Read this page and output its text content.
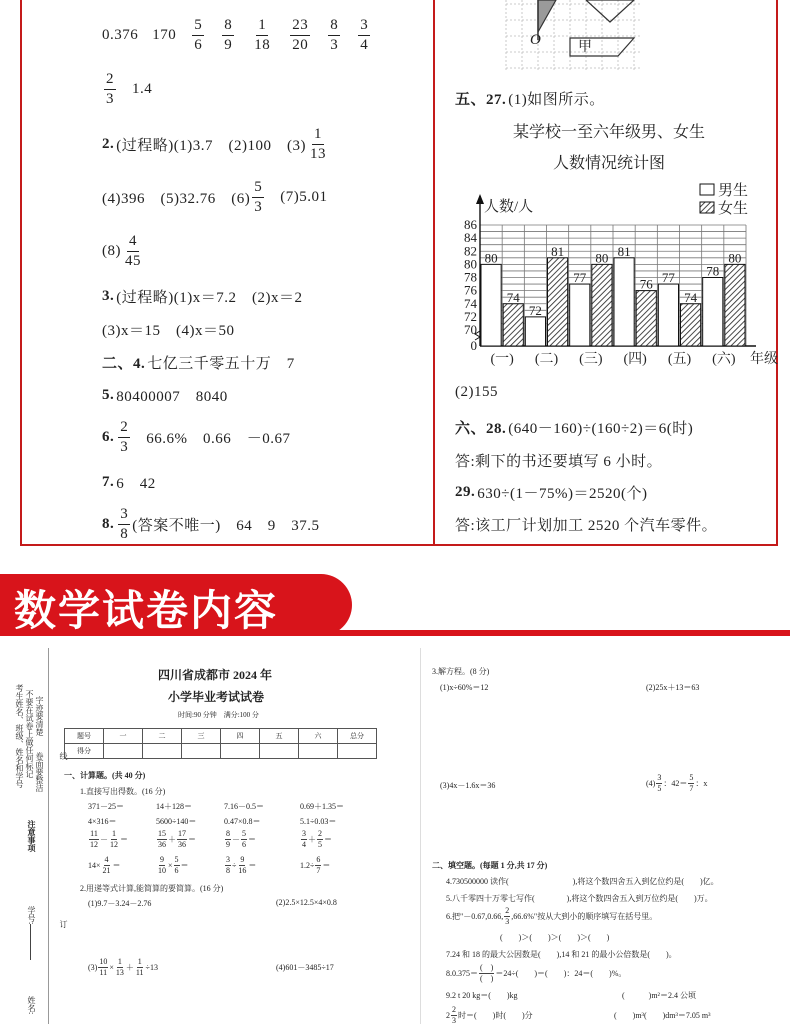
0.376 $170 \frac{5}{6} \frac{8}{9} \frac{1}{18} \frac{23}{20} \frac{8}{3} \frac{3}{4}$
$\frac{2}{3} 1.4$
2. (过程略)(1)3.7　(2)100　$(3) \frac{1}{13}$
(4)396　(5)32.76　$(6) \frac{5}{3} (7)5.01$
$(8) \frac{4}{45}$
3. (过程略)(1)x＝7.2　(2)x＝2
(3)x＝15　(4)x＝50
二、4. 七亿三千零五十万　7
5. 80400007　8040
6. $\frac{2}{3} 66.6\%$　0.66　－0.67
7. 6　42
8. $\frac{3}{8}$ (答案不唯一)　64　9　37.5
O	甲
五、27. (1)如图所示。
某学校一至六年级男、女生
人数情况统计图
86
84
82
80
78
76
74
72
70
0
人数/人
80
74
(一)
72
81
(二)
77
80
(三)
81
76
(四)
77
74
(五)
78
80
(六) 年级
男生
女生
(2)155
六、28. (640－160)÷(160÷2)＝6(时)
答:剩下的书还要填写 6 小时。
29. 630÷(1－75%)＝2520(个)
答:该工厂计划加工 2520 个汽车零件。
数学试卷内容
考生姓名、班级、姓名和学号 不要在试卷上做任何标记 字迹要清楚
卷面要整洁
注意事项
学号:
姓名:
订
线
四川省成都市 2024 年
小学毕业考试试卷
时间:90 分钟　满分:100 分
题号	一	二	三	四	五	六	总分
得分							
一、计算题。(共 40 分)
1.直接写出得数。(16 分)
371－25＝	14＋128＝	7.16－0.5＝	0.69＋1.35＝
4×316＝	5600÷140＝	0.47×0.8＝	5.1÷0.03＝
$\frac{11}{12} - \frac{1}{12}$ ＝	$\frac{15}{36} + \frac{17}{36}$ ＝	$\frac{8}{9} - \frac{5}{6}$ ＝	$\frac{3}{4} + \frac{2}{5}$ ＝
$14\times \frac{4}{21}$ ＝	$\frac{9}{10} \times \frac{5}{6}$ ＝	$\frac{3}{8} \div \frac{9}{16}$ ＝	$1.2\div \frac{6}{7}$ ＝
2.用递等式计算,能简算的要简算。(16 分)
(1)9.7－3.24－2.76	(2)2.5×12.5×4×0.8
$(3) \frac{10}{11} \times \frac{1}{13} + \frac{1}{11} \div 13$	(4)601－3485÷17
3.解方程。(8 分)
(1)x÷60%＝12	(2)25x＋13＝63
(3)4x－1.6x＝36	$(4) \frac{3}{5}$ ：$42= \frac{5}{7}$ ：x
二、填空题。(每题 1 分,共 17 分)
4.730500000 读作(　　　　　　　　),将这个数四舍五入到亿位约是(　　)亿。
5.八千零四十万零七写作(　　　　),将这个数四舍五入到万位约是(　　)万。
6.把"－0.67,0.66, $\frac{2}{3} ,66.6\%$"按从大到小的顺序填写在括号里。
(　　)＞(　　)＞(　　)＞(　　)
7.24 和 18 的最大公因数是(　　),14 和 21 的最小公倍数是(　　)。
$8.0.375= \frac{( )}{( )} =24\div$(　　)＝(　　)：24＝(　　)%。
9.2 t 20 kg＝(　　)kg	(　　　)m²＝2.4 公顷
$2 \frac{2}{3}$ 时＝(　　)时(　　)分	(　　)m³(　　)dm³＝7.05 m³
